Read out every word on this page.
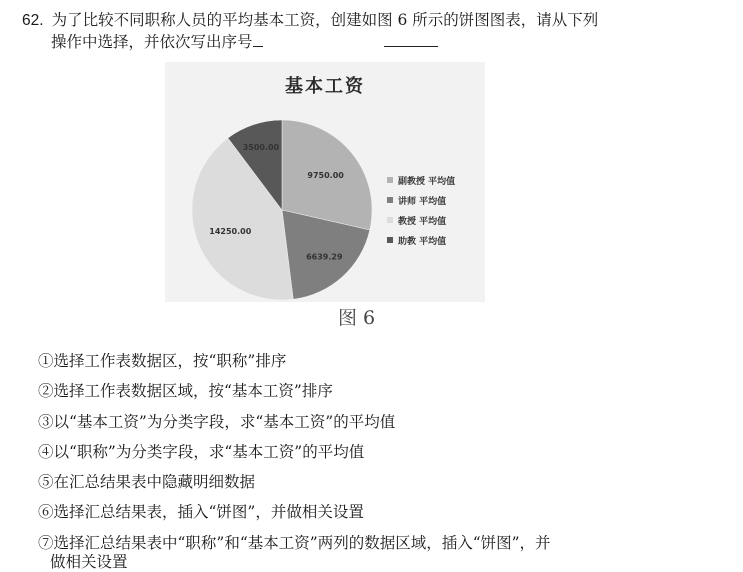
62. 为了比较不同职称人员的平均基本工资，创建如图 6 所示的饼图图表，请从下列
操作中选择，并依次写出序号
基本工资
9750.00
6639.29
14250.00
3500.00
副教授 平均值
讲师 平均值
教授 平均值
助教 平均值
图 6
①选择工作表数据区，按“职称”排序
②选择工作表数据区域，按“基本工资”排序
③以“基本工资”为分类字段，求“基本工资”的平均值
④以“职称”为分类字段，求“基本工资”的平均值
⑤在汇总结果表中隐藏明细数据
⑥选择汇总结果表，插入“饼图”，并做相关设置
⑦选择汇总结果表中“职称”和“基本工资”两列的数据区域，插入“饼图”，并
做相关设置
